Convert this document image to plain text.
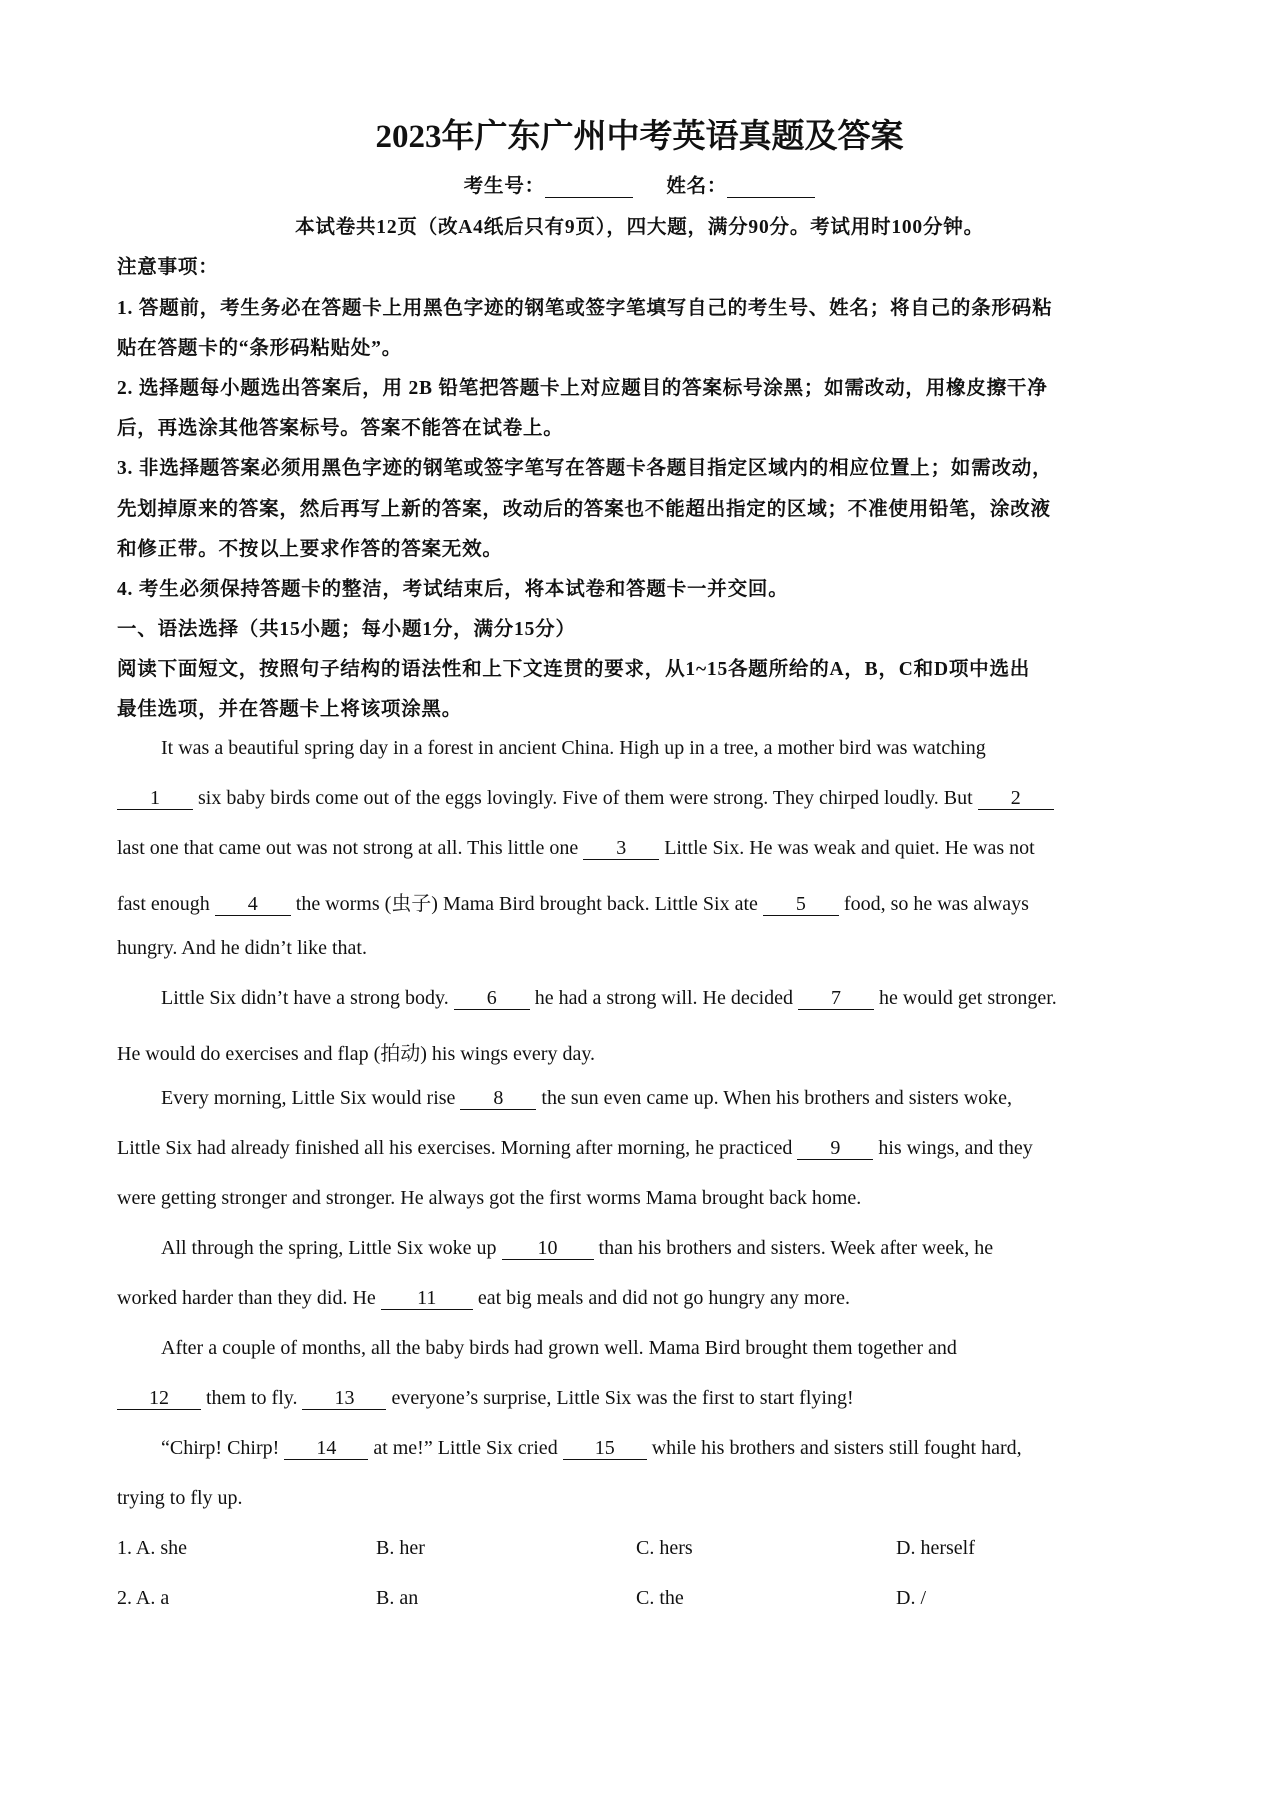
2023年广东广州中考英语真题及答案
考生号：	姓名：
本试卷共12页（改A4纸后只有9页），四大题，满分90分。考试用时100分钟。
注意事项：
1. 答题前，考生务必在答题卡上用黑色字迹的钢笔或签字笔填写自己的考生号、姓名；将自己的条形码粘
贴在答题卡的“条形码粘贴处”。
2. 选择题每小题选出答案后，用 2B 铅笔把答题卡上对应题目的答案标号涂黑；如需改动，用橡皮擦干净
后，再选涂其他答案标号。答案不能答在试卷上。
3. 非选择题答案必须用黑色字迹的钢笔或签字笔写在答题卡各题目指定区域内的相应位置上；如需改动，
先划掉原来的答案，然后再写上新的答案，改动后的答案也不能超出指定的区域；不准使用铅笔，涂改液
和修正带。不按以上要求作答的答案无效。
4. 考生必须保持答题卡的整洁，考试结束后，将本试卷和答题卡一并交回。
一、语法选择（共15小题；每小题1分，满分15分）
阅读下面短文，按照句子结构的语法性和上下文连贯的要求，从1~15各题所给的A，B，C和D项中选出
最佳选项，并在答题卡上将该项涂黑。
It was a beautiful spring day in a forest in ancient China. High up in a tree, a mother bird was watching
1 six baby birds come out of the eggs lovingly. Five of them were strong. They chirped loudly. But 2
last one that came out was not strong at all. This little one 3 Little Six. He was weak and quiet. He was not
fast enough 4 the worms (虫子) Mama Bird brought back. Little Six ate 5 food, so he was always
hungry. And he didn’t like that.
Little Six didn’t have a strong body. 6 he had a strong will. He decided 7 he would get stronger.
He would do exercises and flap (拍动) his wings every day.
Every morning, Little Six would rise 8 the sun even came up. When his brothers and sisters woke,
Little Six had already finished all his exercises. Morning after morning, he practiced 9 his wings, and they
were getting stronger and stronger. He always got the first worms Mama brought back home.
All through the spring, Little Six woke up 10 than his brothers and sisters. Week after week, he
worked harder than they did. He 11 eat big meals and did not go hungry any more.
After a couple of months, all the baby birds had grown well. Mama Bird brought them together and
12 them to fly. 13 everyone’s surprise, Little Six was the first to start flying!
“Chirp! Chirp! 14 at me!” Little Six cried 15 while his brothers and sisters still fought hard,
trying to fly up.
1. A. she	B. her	C. hers	D. herself
2. A. a	B. an	C. the	D. /
